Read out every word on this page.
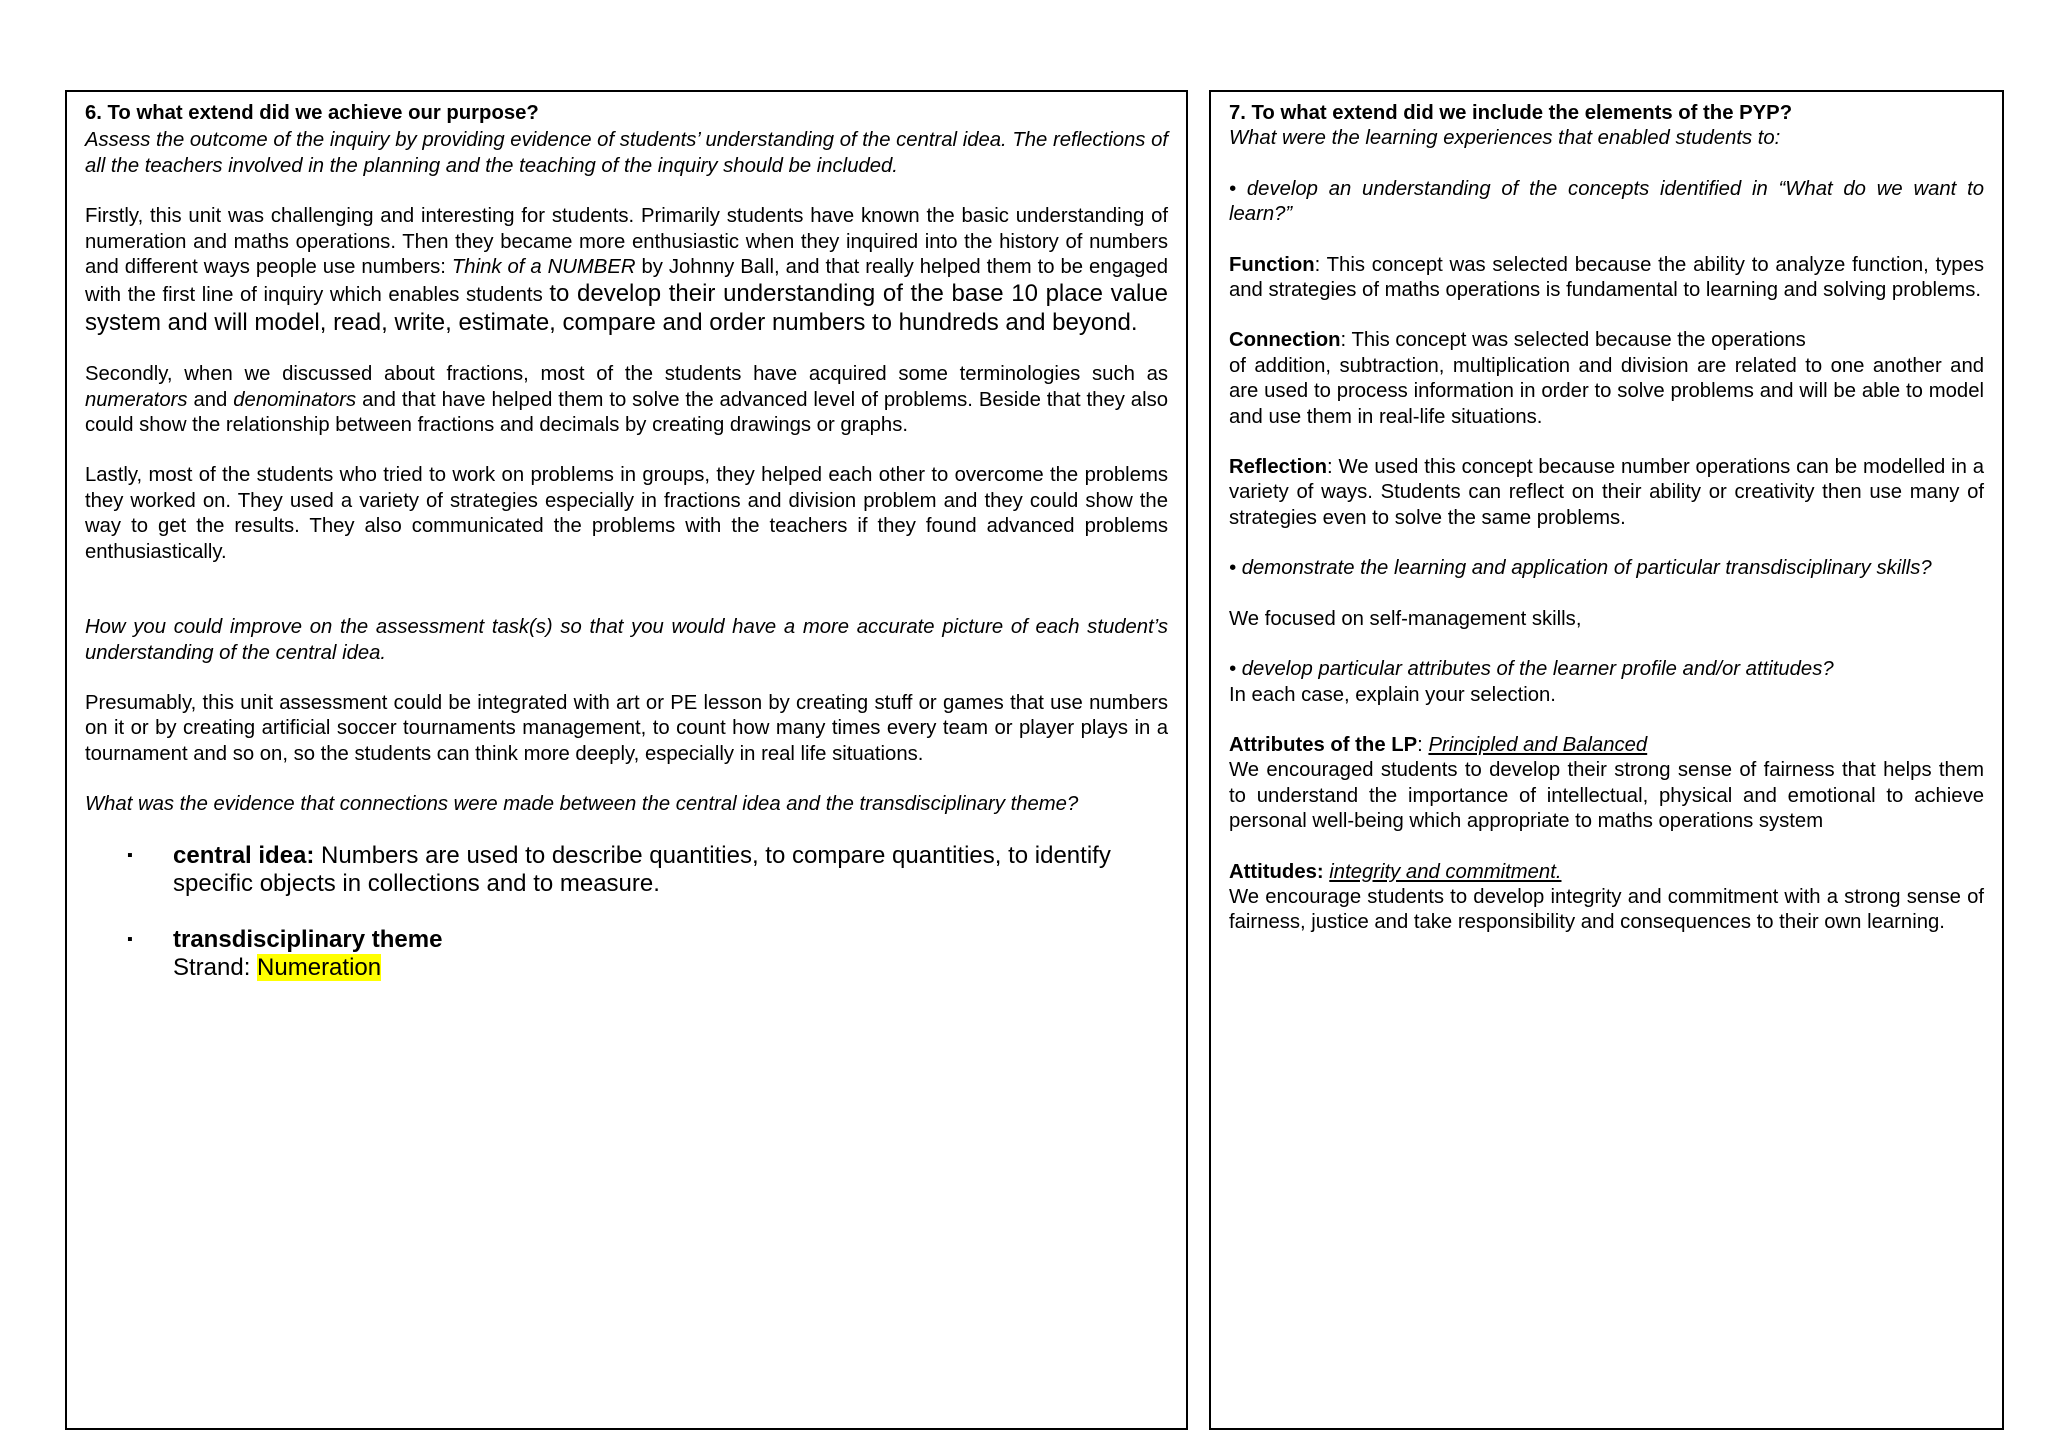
6. To what extend did we achieve our purpose?

Assess the outcome of the inquiry by providing evidence of students’ understanding of the central idea. The reflections of all the teachers involved in the planning and the teaching of the inquiry should be included.

Firstly, this unit was challenging and interesting for students. Primarily students have known the basic understanding of numeration and maths operations. Then they became more enthusiastic when they inquired into the history of numbers and different ways people use numbers: Think of a NUMBER by Johnny Ball, and that really helped them to be engaged with the first line of inquiry which enables students to develop their understanding of the base 10 place value system and will model, read, write, estimate, compare and order numbers to hundreds and beyond.

Secondly, when we discussed about fractions, most of the students have acquired some terminologies such as numerators and denominators and that have helped them to solve the advanced level of problems. Beside that they also could show the relationship between fractions and decimals by creating drawings or graphs.

Lastly, most of the students who tried to work on problems in groups, they helped each other to overcome the problems they worked on. They used a variety of strategies especially in fractions and division problem and they could show the way to get the results. They also communicated the problems with the teachers if they found advanced problems enthusiastically.

How you could improve on the assessment task(s) so that you would have a more accurate picture of each student’s understanding of the central idea.

Presumably, this unit assessment could be integrated with art or PE lesson by creating stuff or games that use numbers on it or by creating artificial soccer tournaments management, to count how many times every team or player plays in a tournament and so on, so the students can think more deeply, especially in real life situations.

What was the evidence that connections were made between the central idea and the transdisciplinary theme?

▪ central idea: Numbers are used to describe quantities, to compare quantities, to identify specific objects in collections and to measure.
▪ transdisciplinary theme
Strand: Numeration

7. To what extend did we include the elements of the PYP?

What were the learning experiences that enabled students to:

• develop an understanding of the concepts identified in “What do we want to learn?”

Function: This concept was selected because the ability to analyze function, types and strategies of maths operations is fundamental to learning and solving problems.

Connection: This concept was selected because the operations

of addition, subtraction, multiplication and division are related to one another and are used to process information in order to solve problems and will be able to model and use them in real-life situations.

Reflection: We used this concept because number operations can be modelled in a variety of ways. Students can reflect on their ability or creativity then use many of strategies even to solve the same problems.

• demonstrate the learning and application of particular transdisciplinary skills?

We focused on self-management skills,

• develop particular attributes of the learner profile and/or attitudes?

In each case, explain your selection.

Attributes of the LP: Principled and Balanced

We encouraged students to develop their strong sense of fairness that helps them to understand the importance of intellectual, physical and emotional to achieve personal well-being which appropriate to maths operations system

Attitudes: integrity and commitment.

We encourage students to develop integrity and commitment with a strong sense of fairness, justice and take responsibility and consequences to their own learning.
